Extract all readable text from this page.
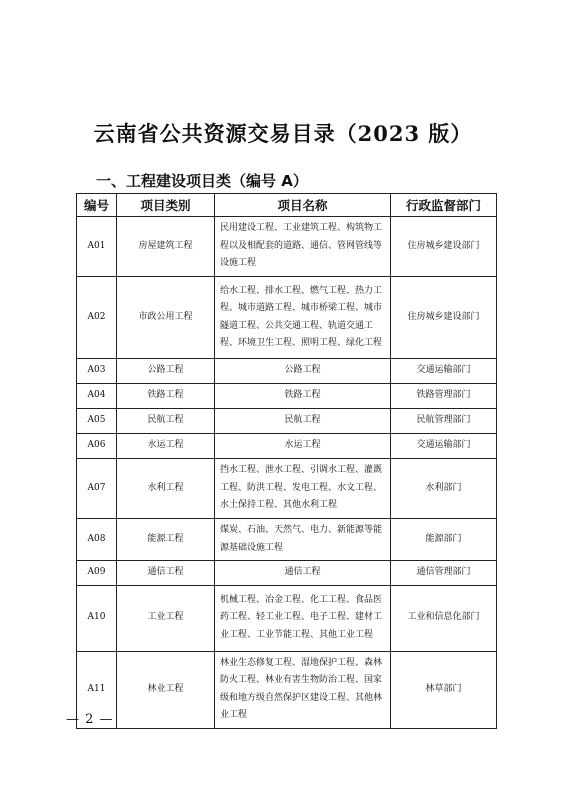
云南省公共资源交易目录（2023 版）
一、工程建设项目类（编号 A）
编号	项目类别	项目名称	行政监督部门
A01	房屋建筑工程	民用建设工程、工业建筑工程、构筑物工程以及相配套的道路、通信、管网管线等设施工程	住房城乡建设部门
A02	市政公用工程	给水工程、排水工程、燃气工程、热力工程、城市道路工程、城市桥梁工程、城市隧道工程、公共交通工程、轨道交通工程、环境卫生工程、照明工程、绿化工程	住房城乡建设部门
A03	公路工程	公路工程	交通运输部门
A04	铁路工程	铁路工程	铁路管理部门
A05	民航工程	民航工程	民航管理部门
A06	水运工程	水运工程	交通运输部门
A07	水利工程	挡水工程、泄水工程、引调水工程、灌溉工程、防洪工程、发电工程、水文工程、水土保持工程、其他水利工程	水利部门
A08	能源工程	煤炭、石油、天然气、电力、新能源等能源基础设施工程	能源部门
A09	通信工程	通信工程	通信管理部门
A10	工业工程	机械工程、冶金工程、化工工程、食品医药工程、轻工业工程、电子工程、建材工业工程、工业节能工程、其他工业工程	工业和信息化部门
A11	林业工程	林业生态修复工程、湿地保护工程、森林防火工程、林业有害生物防治工程、国家级和地方级自然保护区建设工程、其他林业工程	林草部门
— 2 —
